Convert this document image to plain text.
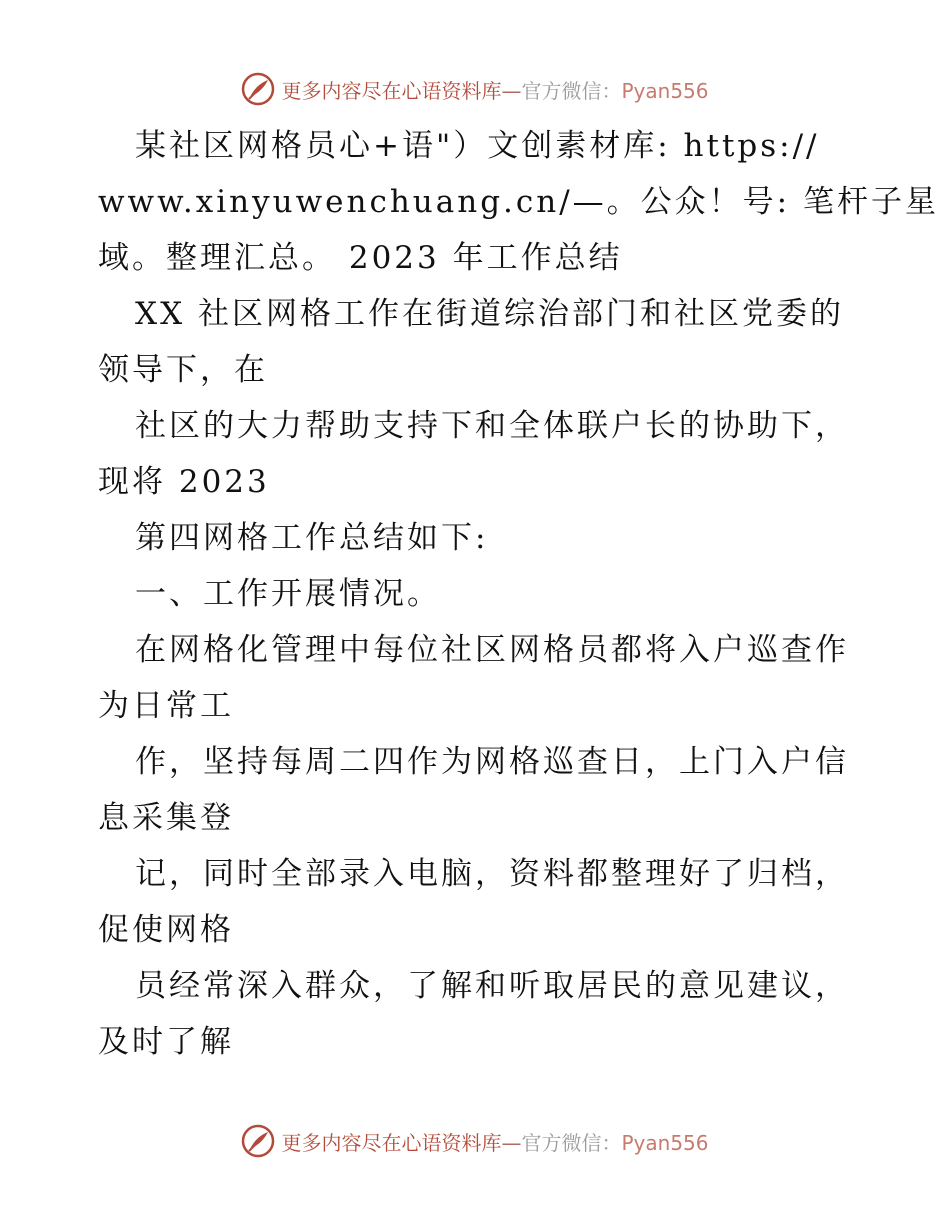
更多内容尽在心语资料库—官方微信：Pyan556
某社区网格员心+语"）文创素材库: https://
www.xinyuwenchuang.cn/—。公众！号: 笔杆子星
域。整理汇总。 2023 年工作总结
XX 社区网格工作在街道综治部门和社区党委的
领导下，在
社区的大力帮助支持下和全体联户长的协助下，
现将 2023
第四网格工作总结如下:
一、工作开展情况。
在网格化管理中每位社区网格员都将入户巡查作
为日常工
作，坚持每周二四作为网格巡查日，上门入户信
息采集登
记，同时全部录入电脑，资料都整理好了归档，
促使网格
员经常深入群众，了解和听取居民的意见建议，
及时了解
更多内容尽在心语资料库—官方微信：Pyan556
